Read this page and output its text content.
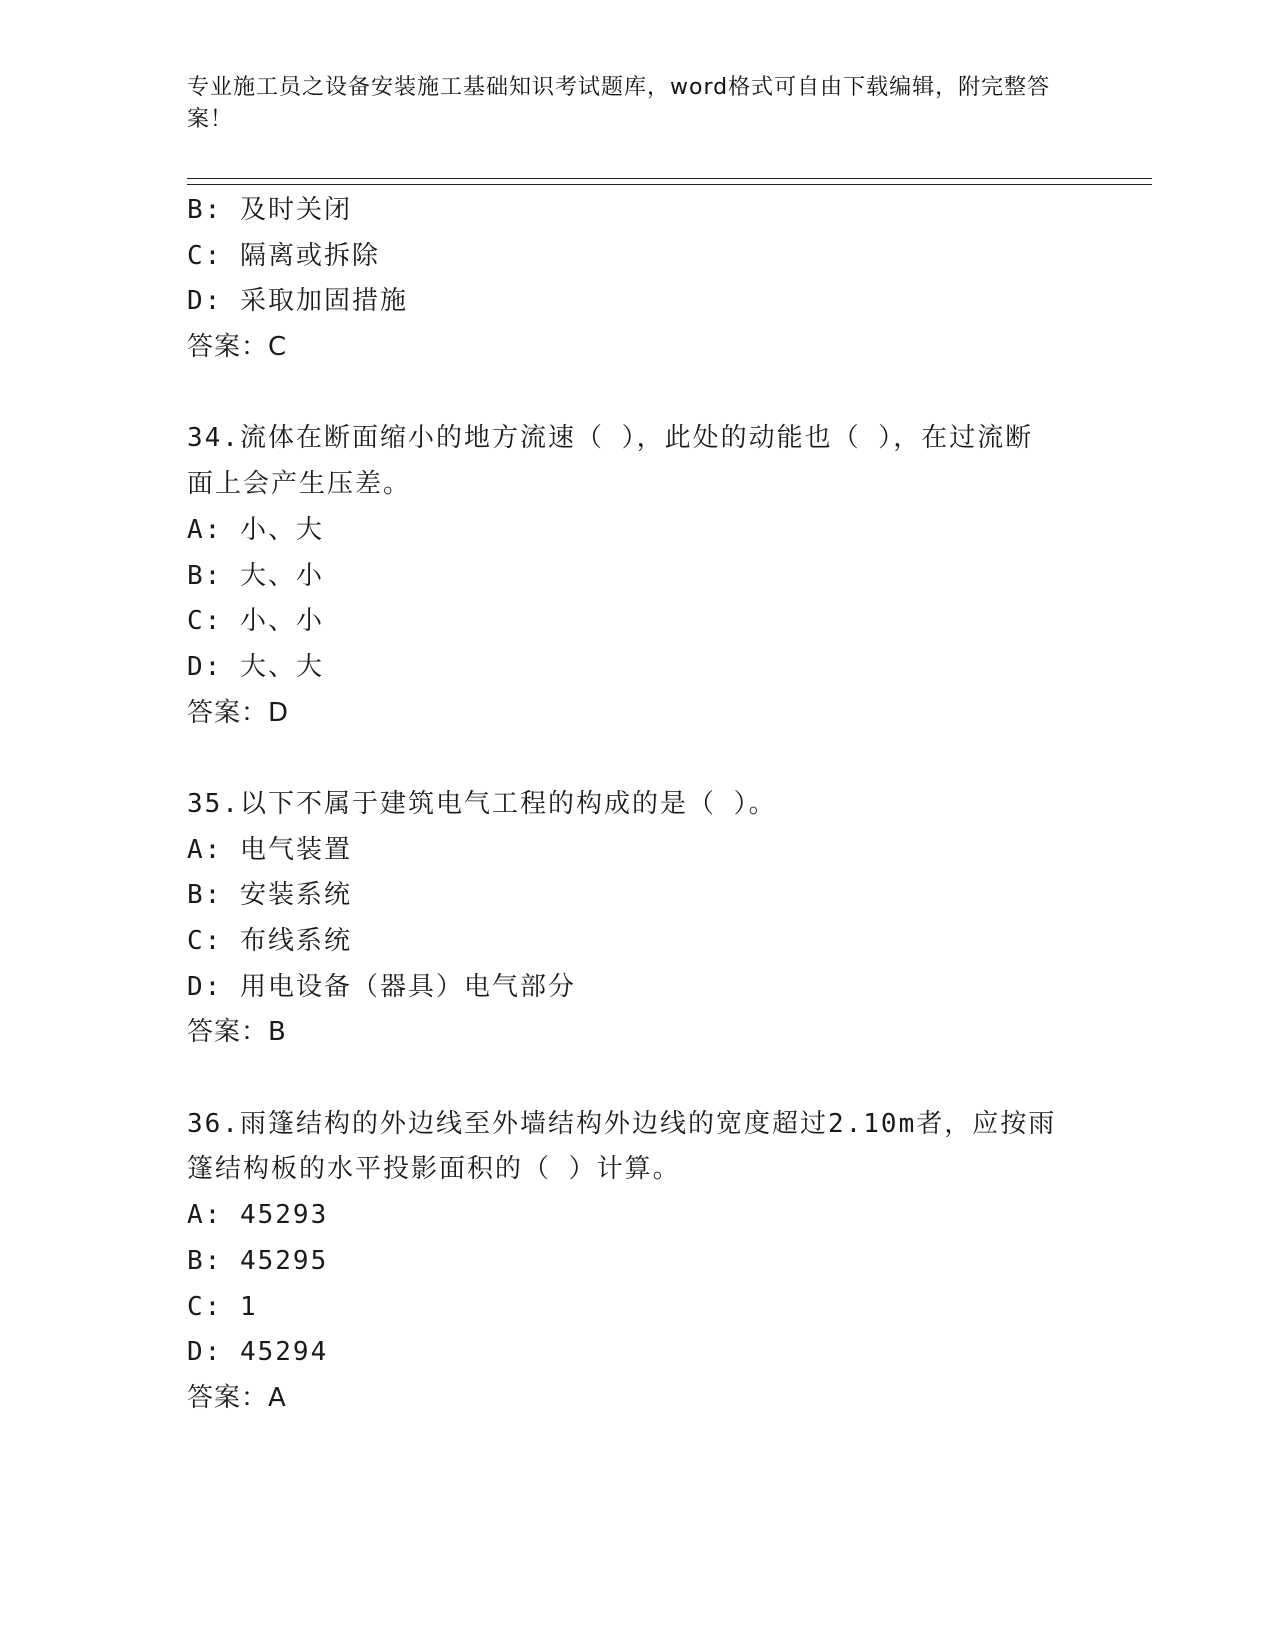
专业施工员之设备安装施工基础知识考试题库，word格式可自由下载编辑，附完整答案！
B: 及时关闭
C: 隔离或拆除
D: 采取加固措施
答案：C
34.流体在断面缩小的地方流速（ ），此处的动能也（ ），在过流断
面上会产生压差。
A: 小、大
B: 大、小
C: 小、小
D: 大、大
答案：D
35.以下不属于建筑电气工程的构成的是（ ）。
A: 电气装置
B: 安装系统
C: 布线系统
D: 用电设备（器具）电气部分
答案：B
36.雨篷结构的外边线至外墙结构外边线的宽度超过2.10m者，应按雨
篷结构板的水平投影面积的（ ）计算。
A: 45293
B: 45295
C: 1
D: 45294
答案：A
